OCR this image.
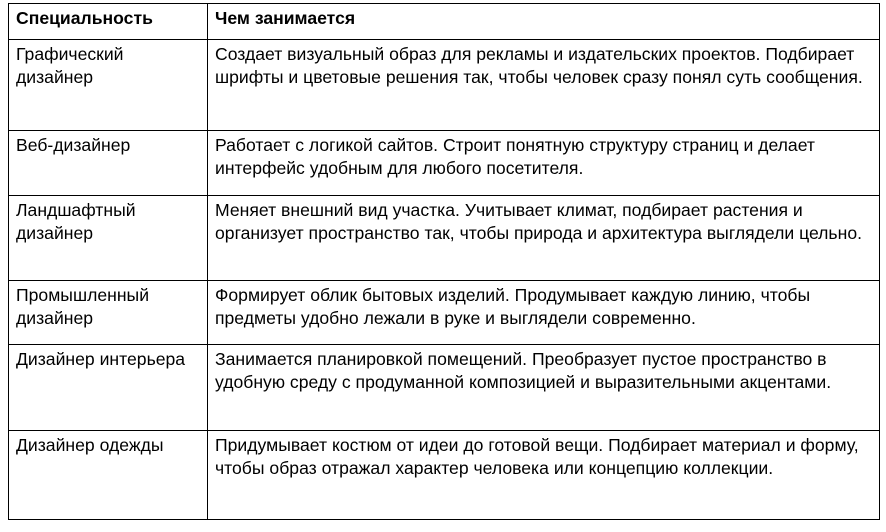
Специальность	Чем занимается
Графический дизайнер	Создает визуальный образ для рекламы и издательских проектов. Подбирает шрифты и цветовые решения так, чтобы человек сразу понял суть сообщения.
Веб-дизайнер	Работает с логикой сайтов. Строит понятную структуру страниц и делает интерфейс удобным для любого посетителя.
Ландшафтный дизайнер	Меняет внешний вид участка. Учитывает климат, подбирает растения и организует пространство так, чтобы природа и архитектура выглядели цельно.
Промышленный дизайнер	Формирует облик бытовых изделий. Продумывает каждую линию, чтобы предметы удобно лежали в руке и выглядели современно.
Дизайнер интерьера	Занимается планировкой помещений. Преобразует пустое пространство в удобную среду с продуманной композицией и выразительными акцентами.
Дизайнер одежды	Придумывает костюм от идеи до готовой вещи. Подбирает материал и форму, чтобы образ отражал характер человека или концепцию коллекции.
